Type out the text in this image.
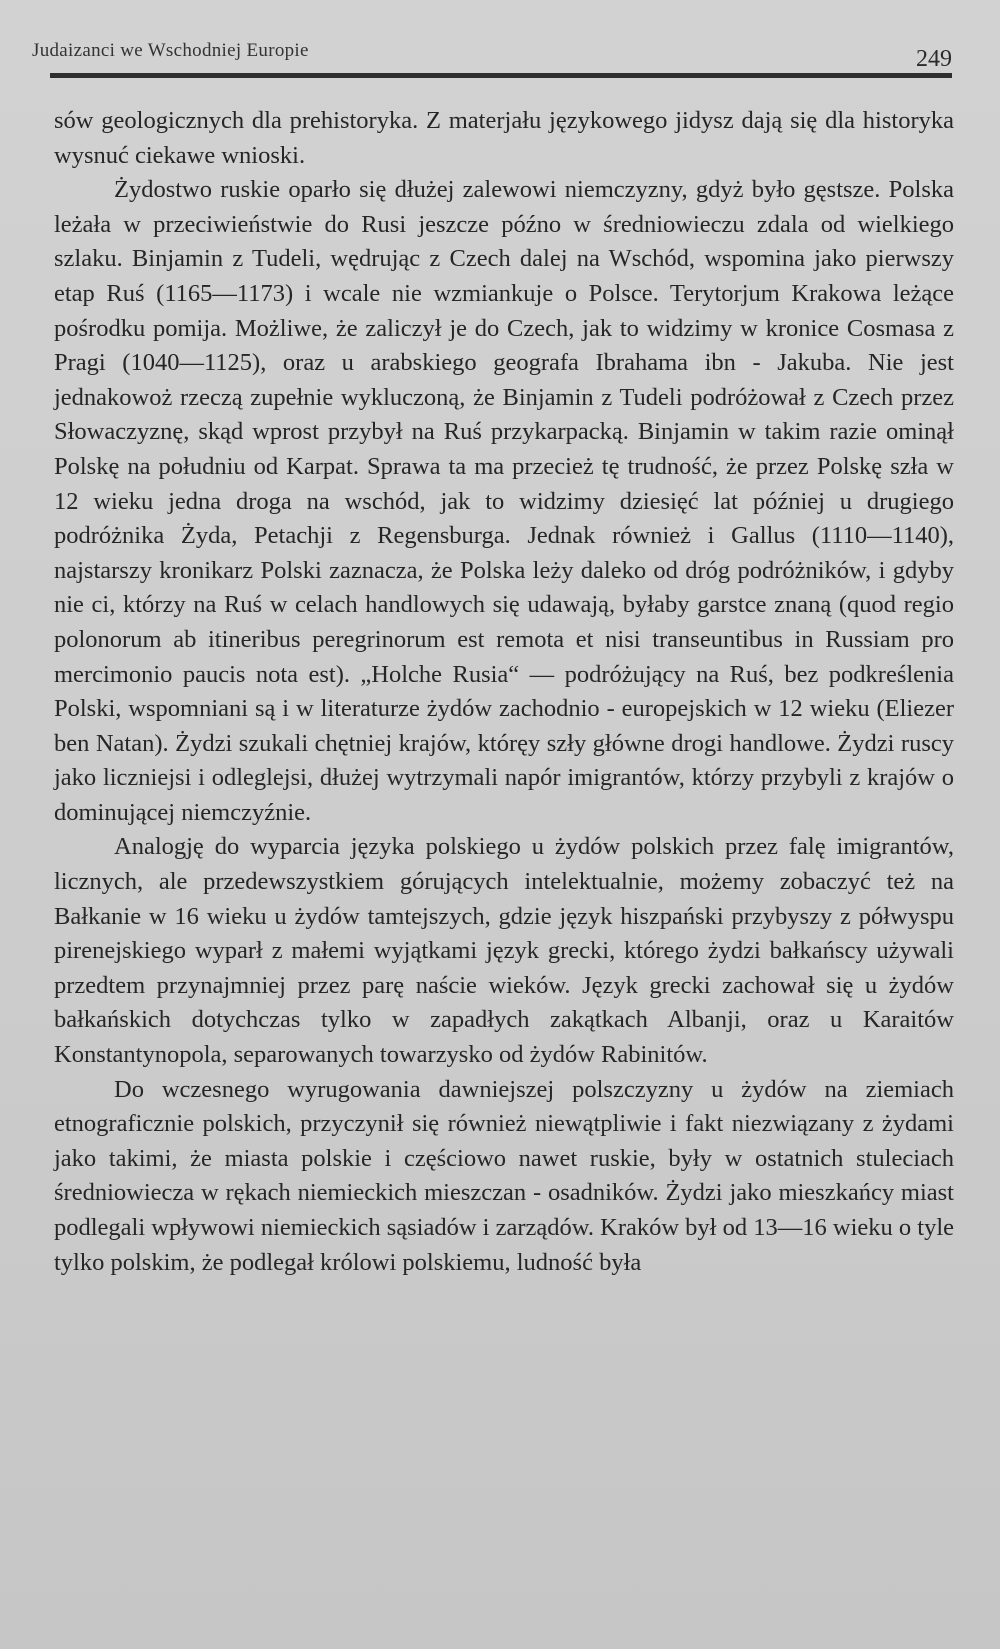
Judaizanci we Wschodniej Europie	249

sów geologicznych dla prehistoryka. Z materjału językowego jidysz dają się dla historyka wysnuć ciekawe wnioski.

Żydostwo ruskie oparło się dłużej zalewowi niemczyzny, gdyż było gęstsze. Polska leżała w przeciwieństwie do Rusi jeszcze późno w średniowieczu zdala od wielkiego szlaku. Binjamin z Tudeli, wędrując z Czech dalej na Wschód, wspomina jako pierwszy etap Ruś (1165—1173) i wcale nie wzmiankuje o Polsce. Terytorjum Krakowa leżące pośrodku pomija. Możliwe, że zaliczył je do Czech, jak to widzimy w kronice Cosmasa z Pragi (1040—1125), oraz u arabskiego geografa Ibrahama ibn - Jakuba. Nie jest jednakowoż rzeczą zupełnie wykluczoną, że Binjamin z Tudeli podróżował z Czech przez Słowaczyznę, skąd wprost przybył na Ruś przykarpacką. Binjamin w takim razie ominął Polskę na południu od Karpat. Sprawa ta ma przecież tę trudność, że przez Polskę szła w 12 wieku jedna droga na wschód, jak to widzimy dziesięć lat później u drugiego podróżnika Żyda, Petachji z Regensburga. Jednak również i Gallus (1110—1140), najstarszy kronikarz Polski zaznacza, że Polska leży daleko od dróg podróżników, i gdyby nie ci, którzy na Ruś w celach handlowych się udawają, byłaby garstce znaną (quod regio polonorum ab itineribus peregrinorum est remota et nisi transeuntibus in Russiam pro mercimonio paucis nota est). „Holche Rusia“ — podróżujący na Ruś, bez podkreślenia Polski, wspomniani są i w literaturze żydów zachodnio - europejskich w 12 wieku (Eliezer ben Natan). Żydzi szukali chętniej krajów, któręy szły główne drogi handlowe. Żydzi ruscy jako liczniejsi i odleglejsi, dłużej wytrzymali napór imigrantów, którzy przybyli z krajów o dominującej niemczyźnie.

Analogję do wyparcia języka polskiego u żydów polskich przez falę imigrantów, licznych, ale przedewszystkiem górujących intelektualnie, możemy zobaczyć też na Bałkanie w 16 wieku u żydów tamtejszych, gdzie język hiszpański przybyszy z półwyspu pirenejskiego wyparł z małemi wyjątkami język grecki, którego żydzi bałkańscy używali przedtem przynajmniej przez parę naście wieków. Język grecki zachował się u żydów bałkańskich dotychczas tylko w zapadłych zakątkach Albanji, oraz u Karaitów Konstantynopola, separowanych towarzysko od żydów Rabinitów.

Do wczesnego wyrugowania dawniejszej polszczyzny u żydów na ziemiach etnograficznie polskich, przyczynił się również niewątpliwie i fakt niezwiązany z żydami jako takimi, że miasta polskie i częściowo nawet ruskie, były w ostatnich stuleciach średniowiecza w rękach niemieckich mieszczan - osadników. Żydzi jako mieszkańcy miast podlegali wpływowi niemieckich sąsiadów i zarządów. Kraków był od 13—16 wieku o tyle tylko polskim, że podlegał królowi polskiemu, ludność była
